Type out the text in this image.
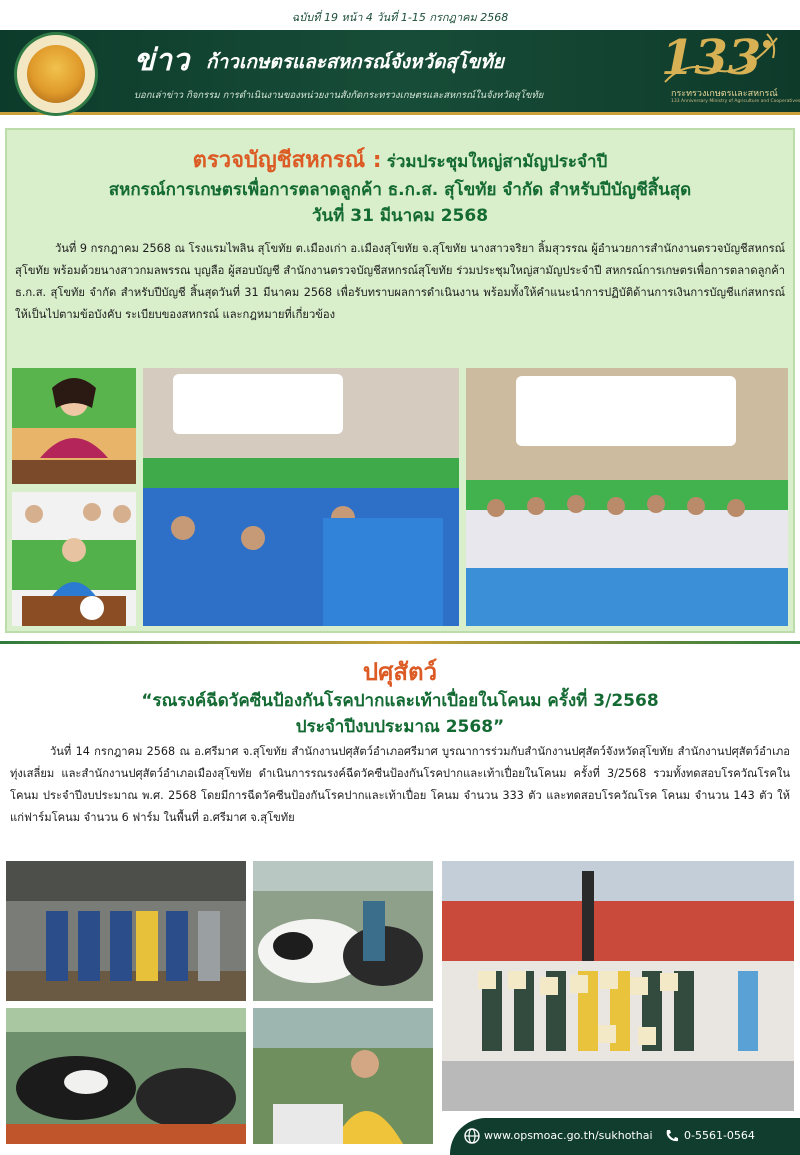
ฉบับที่ 19 หน้า 4 วันที่ 1-15 กรกฎาคม 2568
ข่าว ก้าวเกษตรและสหกรณ์จังหวัดสุโขทัย
บอกเล่าข่าว กิจกรรม การดำเนินงานของหน่วยงานสังกัดกระทรวงเกษตรและสหกรณ์ในจังหวัดสุโขทัย
133
กระทรวงเกษตรและสหกรณ์
133 Anniversary Ministry of Agriculture and Cooperatives
ตรวจบัญชีสหกรณ์ : ร่วมประชุมใหญ่สามัญประจำปี
สหกรณ์การเกษตรเพื่อการตลาดลูกค้า ธ.ก.ส. สุโขทัย จำกัด สำหรับปีบัญชีสิ้นสุด
วันที่ 31 มีนาคม 2568
วันที่ 9 กรกฎาคม 2568 ณ โรงแรมไพลิน สุโขทัย ต.เมืองเก่า อ.เมืองสุโขทัย จ.สุโขทัย นางสาวจริยา ลิ้มสุวรรณ ผู้อำนวยการสำนักงานตรวจบัญชีสหกรณ์สุโขทัย พร้อมด้วยนางสาวกมลพรรณ บุญลือ ผู้สอบบัญชี สำนักงานตรวจบัญชีสหกรณ์สุโขทัย ร่วมประชุมใหญ่สามัญประจำปี สหกรณ์การเกษตรเพื่อการตลาดลูกค้า ธ.ก.ส. สุโขทัย จำกัด สำหรับปีบัญชี สิ้นสุดวันที่ 31 มีนาคม 2568 เพื่อรับทราบผลการดำเนินงาน พร้อมทั้งให้คำแนะนำการปฏิบัติด้านการเงินการบัญชีแก่สหกรณ์ ให้เป็นไปตามข้อบังคับ ระเบียบของสหกรณ์ และกฎหมายที่เกี่ยวข้อง
ปศุสัตว์
“รณรงค์ฉีดวัคซีนป้องกันโรคปากและเท้าเปื่อยในโคนม ครั้งที่ 3/2568
ประจำปีงบประมาณ 2568”
วันที่ 14 กรกฎาคม 2568 ณ อ.ศรีมาศ จ.สุโขทัย สำนักงานปศุสัตว์อำเภอศรีมาศ บูรณาการร่วมกับสำนักงานปศุสัตว์จังหวัดสุโขทัย สำนักงานปศุสัตว์อำเภอทุ่งเสลี่ยม และสำนักงานปศุสัตว์อำเภอเมืองสุโขทัย ดำเนินการรณรงค์ฉีดวัคซีนป้องกันโรคปากและเท้าเปื่อยในโคนม ครั้งที่ 3/2568 รวมทั้งทดสอบโรควัณโรคในโคนม ประจำปีงบประมาณ พ.ศ. 2568 โดยมีการฉีดวัคซีนป้องกันโรคปากและเท้าเปื่อย โคนม จำนวน 333 ตัว และทดสอบโรควัณโรค โคนม จำนวน 143 ตัว ให้แก่ฟาร์มโคนม จำนวน 6 ฟาร์ม ในพื้นที่ อ.ศรีมาศ จ.สุโขทัย
www.opsmoac.go.th/sukhothai	0-5561-0564
